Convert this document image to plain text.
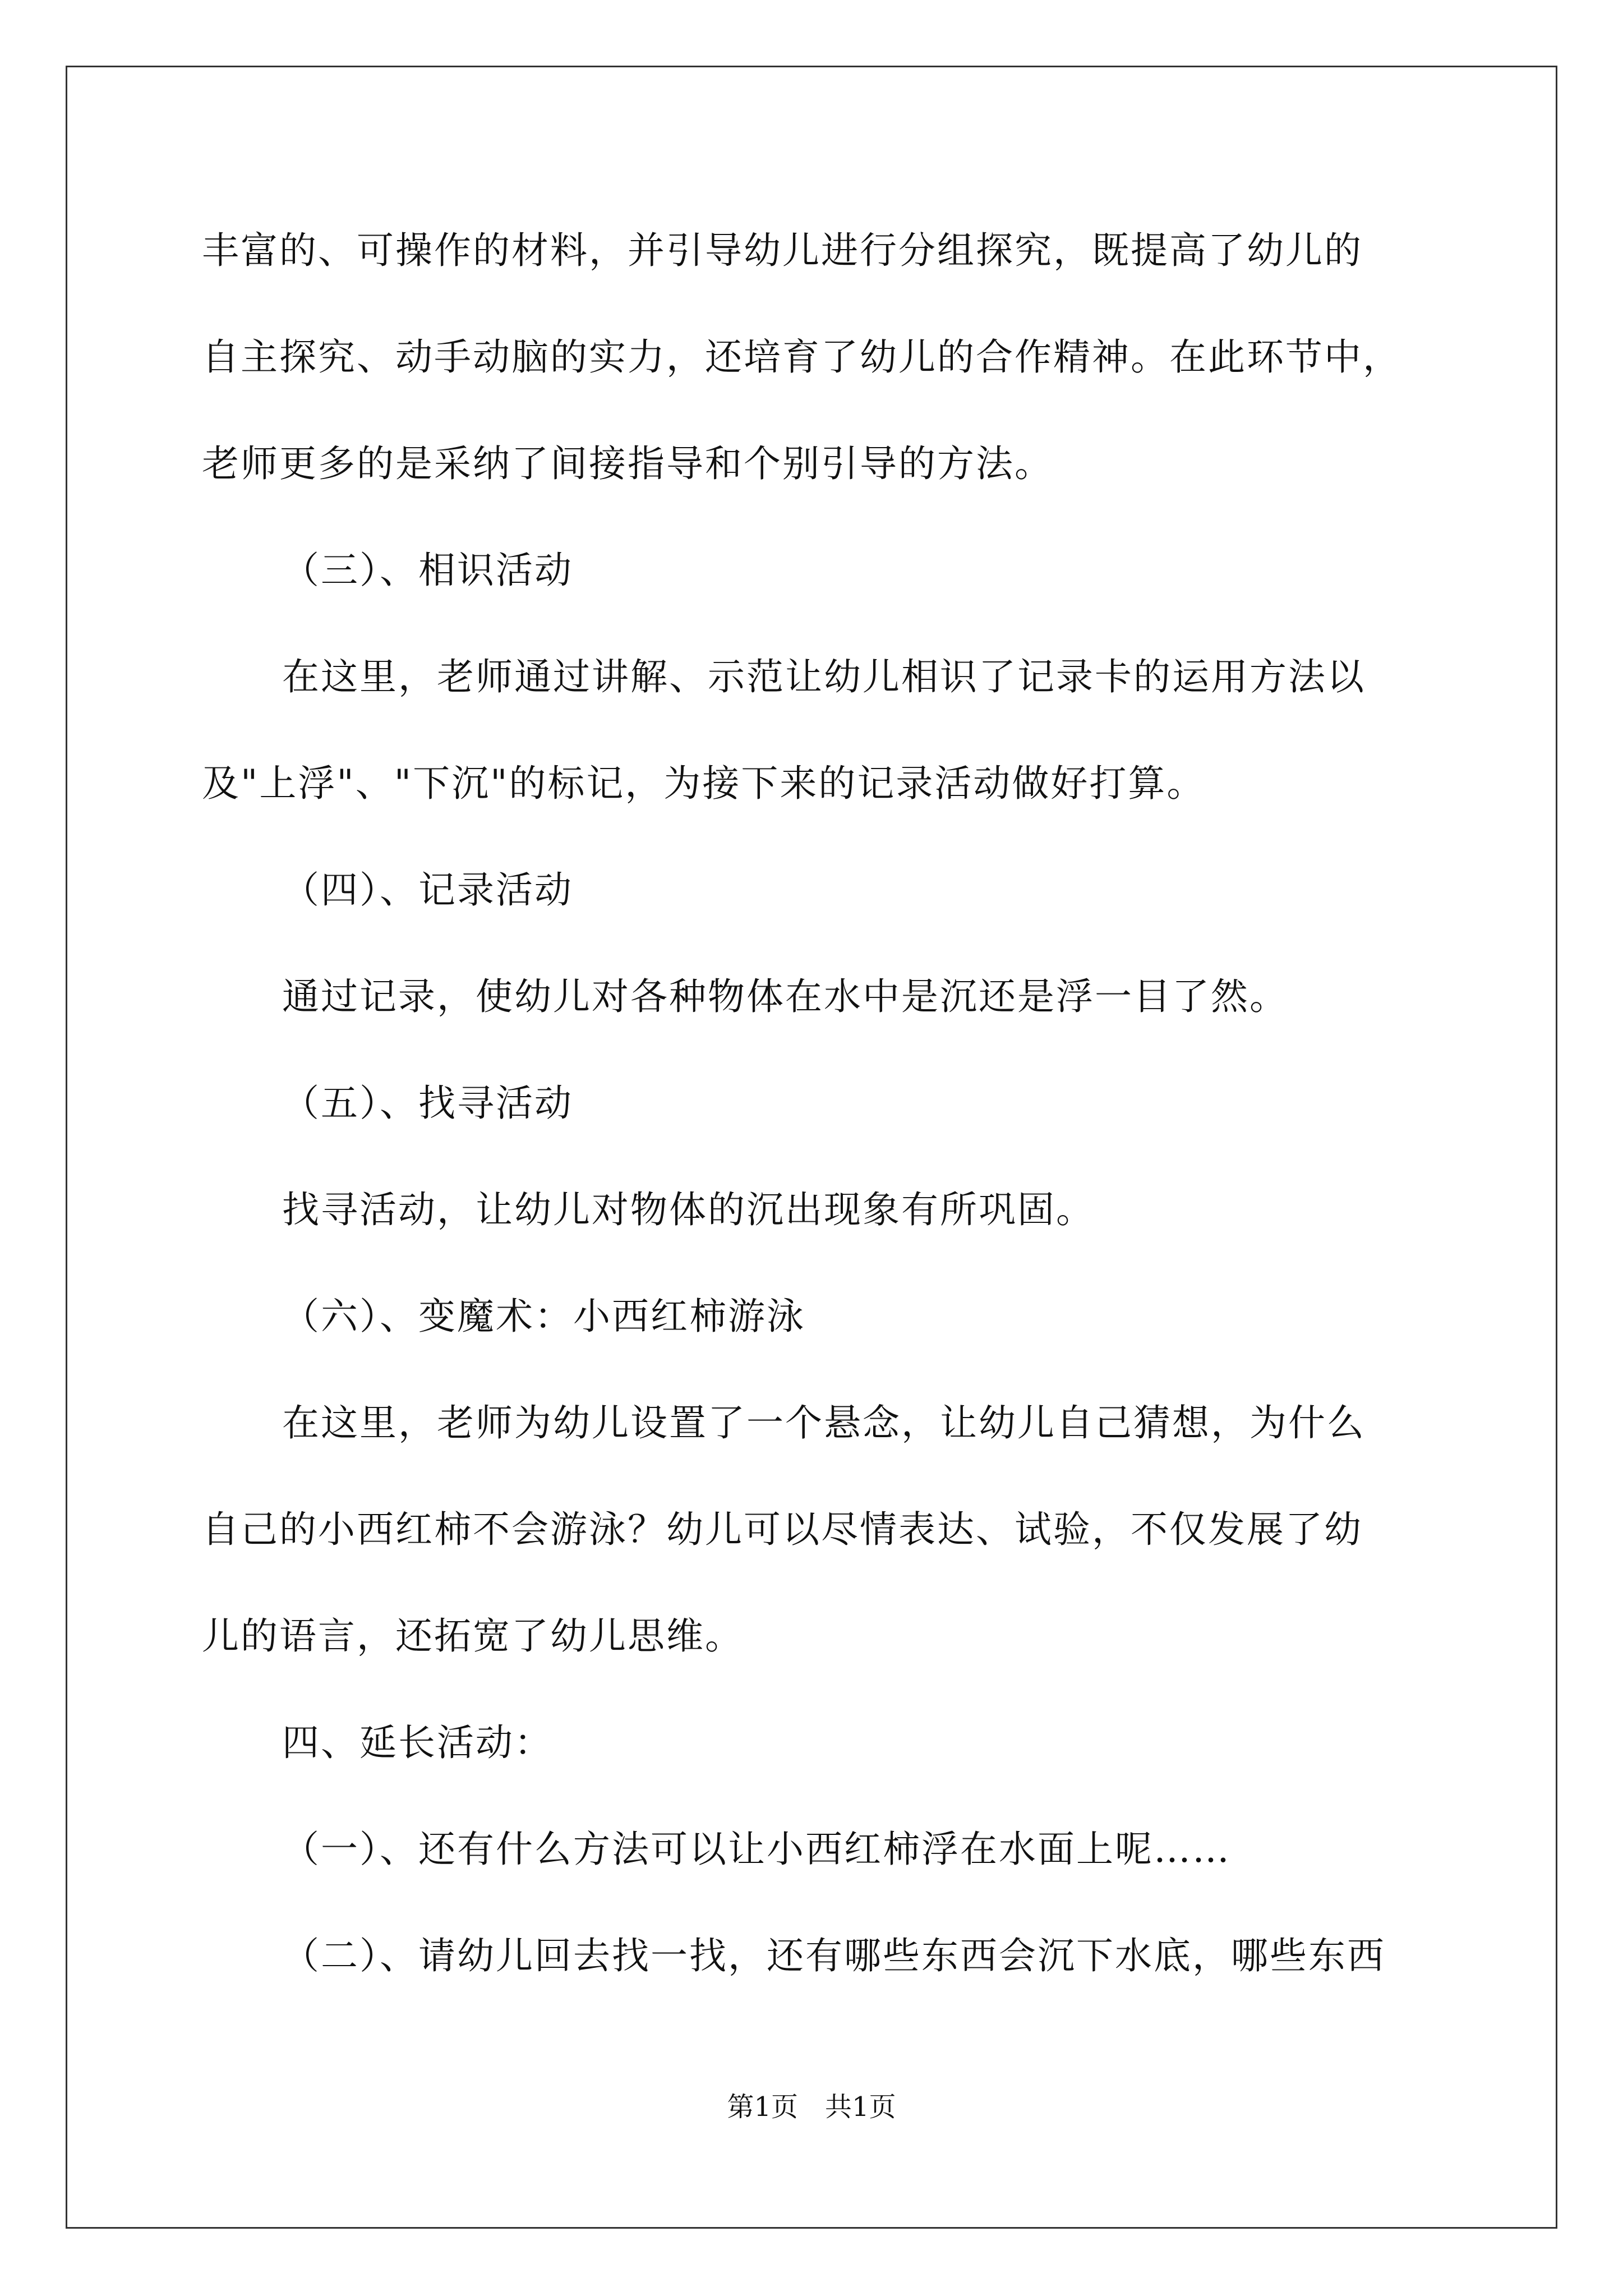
丰富的、可操作的材料，并引导幼儿进行分组探究，既提高了幼儿的
自主探究、动手动脑的实力，还培育了幼儿的合作精神。在此环节中，
老师更多的是采纳了间接指导和个别引导的方法。
（三）、相识活动
在这里，老师通过讲解、示范让幼儿相识了记录卡的运用方法以
及"上浮"、"下沉"的标记，为接下来的记录活动做好打算。
（四）、记录活动
通过记录，使幼儿对各种物体在水中是沉还是浮一目了然。
（五）、找寻活动
找寻活动，让幼儿对物体的沉出现象有所巩固。
（六）、变魔术：小西红柿游泳
在这里，老师为幼儿设置了一个悬念，让幼儿自己猜想，为什么
自己的小西红柿不会游泳？幼儿可以尽情表达、试验，不仅发展了幼
儿的语言，还拓宽了幼儿思维。
四、延长活动：
（一）、还有什么方法可以让小西红柿浮在水面上呢……
（二）、请幼儿回去找一找，还有哪些东西会沉下水底，哪些东西
第1页　共1页
